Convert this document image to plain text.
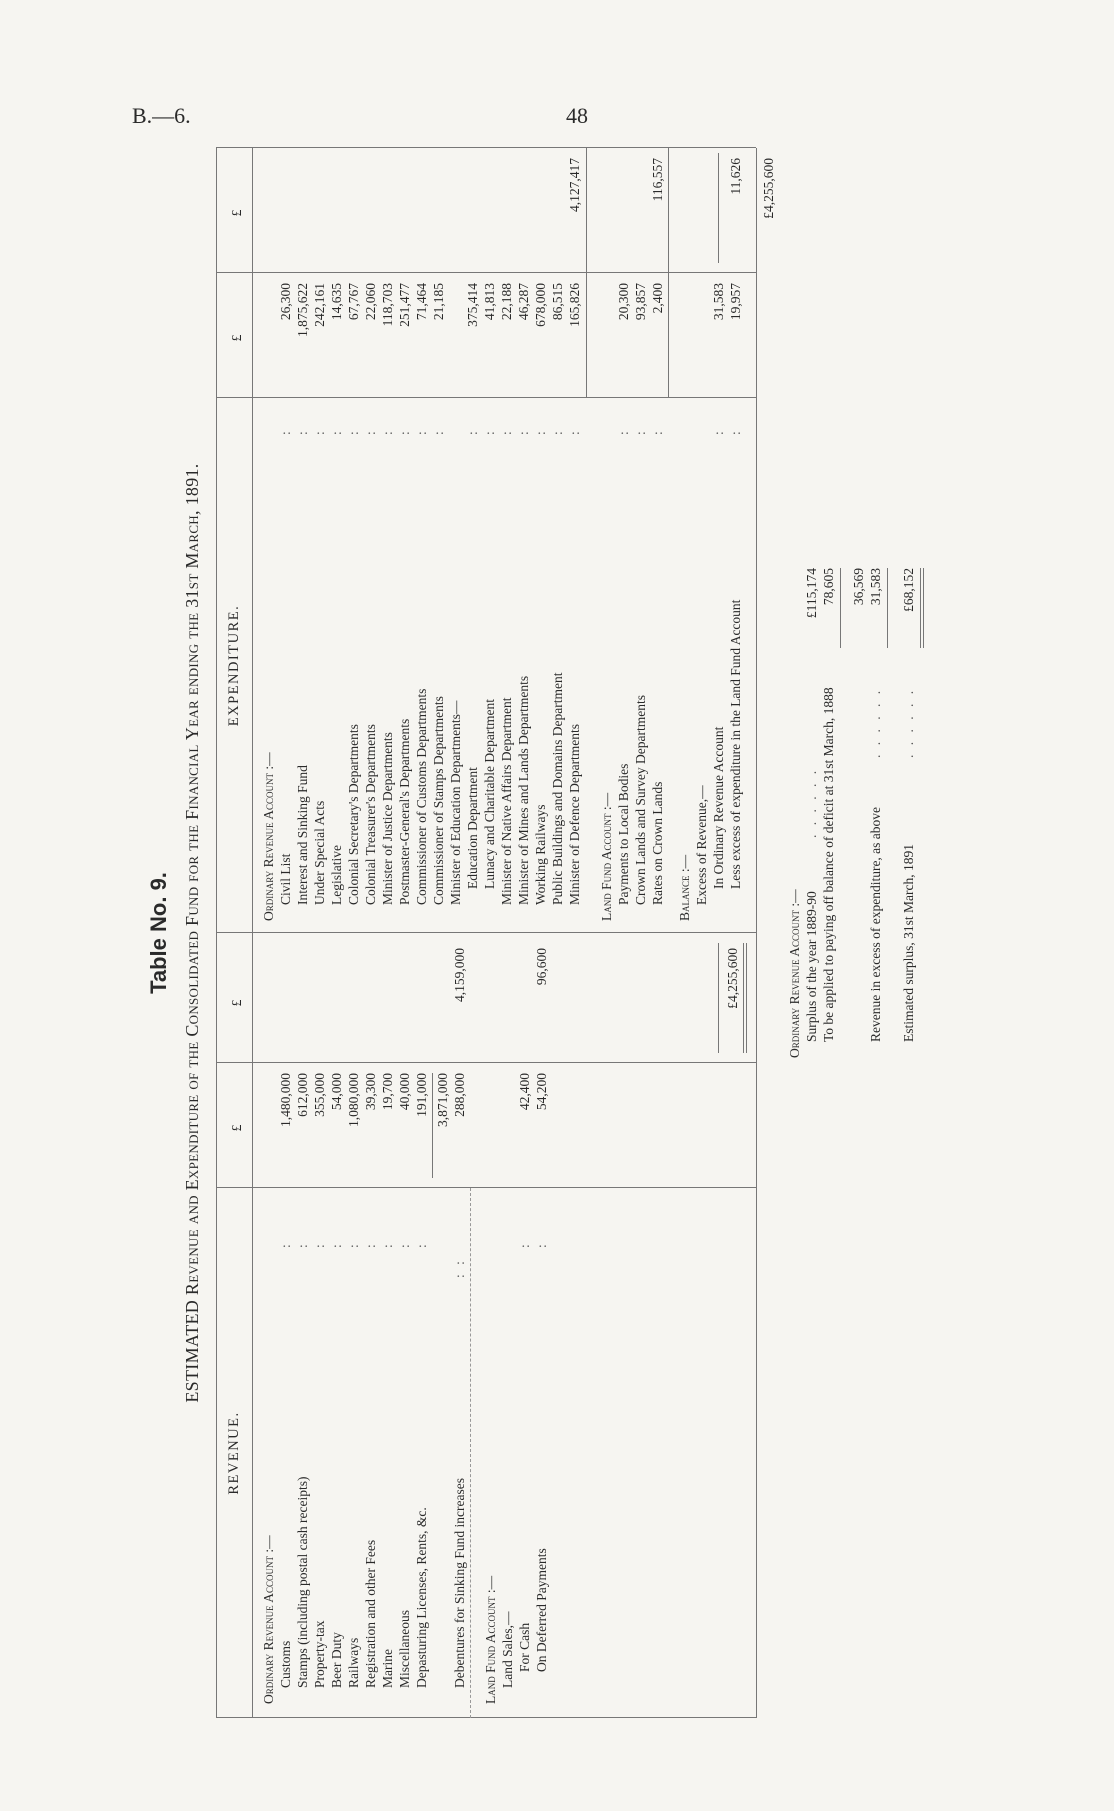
B.—6.	48
Table No. 9. ESTIMATED Revenue and Expenditure of the Consolidated Fund for the Financial Year ending the 31st March, 1891.
REVENUE.
£
£
Ordinary Revenue Account :— Customs
:
1,480,000
Stamps (including postal cash receipts)
:
612,000
Property-tax
:
355,000
Beer Duty
:
54,000
Railways
:
1,080,000
Registration and other Fees
:
39,300
Marine
:
19,700
Miscellaneous
:
40,000
Depasturing Licenses, Rents, &c.
:
191,000 3,871,000
Debentures for Sinking Fund increases
: :
288,000
4,159,000
Land Fund Account :— Land Sales,— For Cash
:
42,400
On Deferred Payments
:
54,200
96,600	£4,255,600
EXPENDITURE.
£
£
Ordinary Revenue Account :— Civil List
:
26,300
Interest and Sinking Fund
:
1,875,622
Under Special Acts
:
242,161
Legislative
:
14,635
Colonial Secretary's Departments
:
67,767
Colonial Treasurer's Departments
:
22,060
Minister of Justice Departments
:
118,703
Postmaster-General's Departments
:
251,477
Commissioner of Customs Departments
:
71,464
Commissioner of Stamps Departments
:
21,185
Minister of Education Departments— Education Department
:
375,414
Lunacy and Charitable Department
:
41,813
Minister of Native Affairs Department
:
22,188
Minister of Mines and Lands Departments
:
46,287
Working Railways
:
678,000
Public Buildings and Domains Department
:
86,515
Minister of Defence Departments
:
165,826
4,127,417
Land Fund Account :— Payments to Local Bodies
:
20,300
Crown Lands and Survey Departments
:
93,857
Rates on Crown Lands
:
2,400
116,557
Balance :— Excess of Revenue,— In Ordinary Revenue Account
:
31,583
Less excess of expenditure in the Land Fund Account
:
19,957
11,626 £4,255,600
Ordinary Revenue Account :— Surplus of the year 1889-90
. . . . . .
£115,174
To be applied to paying off balance of deficit at 31st March, 1888
78,605 36,569
Revenue in excess of expenditure, as above
. . . . . .
31,583
Estimated surplus, 31st March, 1891
. . . . . .
£68,152
